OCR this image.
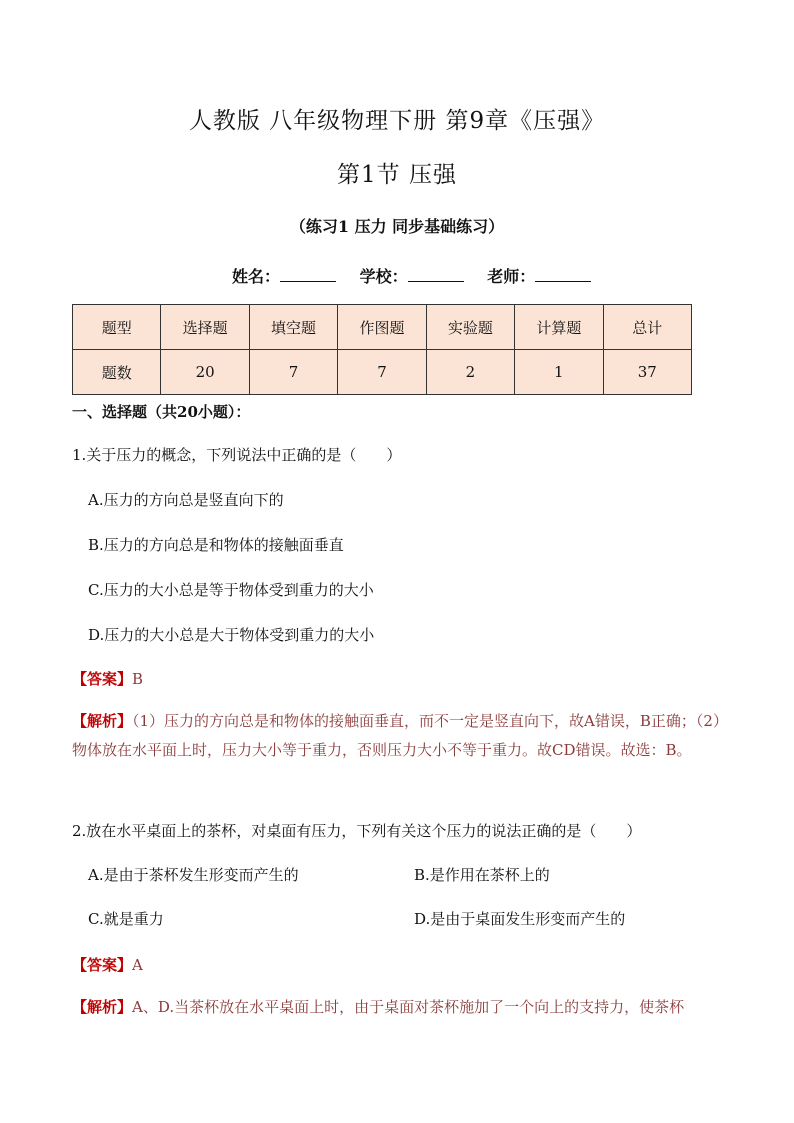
人教版 八年级物理下册 第9章《压强》
第1节 压强
（练习1 压力 同步基础练习）
姓名：	学校：	老师：
题型	选择题	填空题	作图题	实验题	计算题	总计
题数	20	7	7	2	1	37
一、选择题（共20小题）：
1.关于压力的概念，下列说法中正确的是（　　）
A.压力的方向总是竖直向下的
B.压力的方向总是和物体的接触面垂直
C.压力的大小总是等于物体受到重力的大小
D.压力的大小总是大于物体受到重力的大小
【答案】B
【解析】（1）压力的方向总是和物体的接触面垂直，而不一定是竖直向下，故A错误，B正确；（2）物体放在水平面上时，压力大小等于重力，否则压力大小不等于重力。故CD错误。故选：B。
2.放在水平桌面上的茶杯，对桌面有压力，下列有关这个压力的说法正确的是（　　）
A.是由于茶杯发生形变而产生的	B.是作用在茶杯上的
C.就是重力	D.是由于桌面发生形变而产生的
【答案】A
【解析】A、D.当茶杯放在水平桌面上时，由于桌面对茶杯施加了一个向上的支持力，使茶杯
